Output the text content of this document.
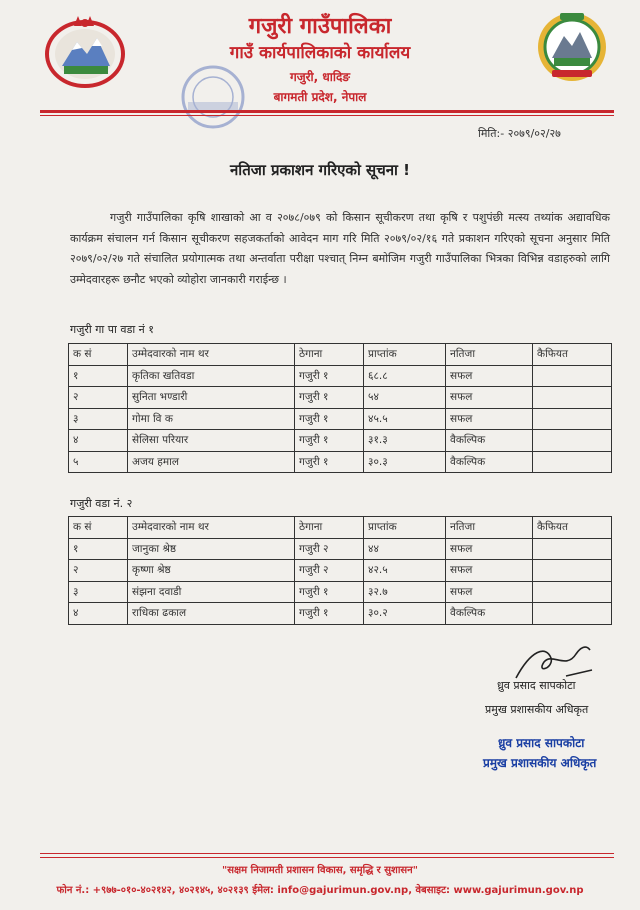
गजुरी गाउँपालिका
गाउँ कार्यपालिकाको कार्यालय
गजुरी, धादिङ
बागमती प्रदेश, नेपाल
मिति:- २०७९/०२/२७
नतिजा प्रकाशन गरिएको सूचना !
गजुरी गाउँपालिका कृषि शाखाको आ व २०७८/०७९ को किसान सूचीकरण तथा कृषि र पशुपंछी मत्स्य तथ्यांक अद्यावधिक कार्यक्रम संचालन गर्न किसान सूचीकरण सहजकर्ताको आवेदन माग गरि मिति २०७९/०२/१६ गते प्रकाशन गरिएको सूचना अनुसार मिति २०७९/०२/२७ गते संचालित प्रयोगात्मक तथा अन्तर्वाता परीक्षा पश्चात् निम्न बमोजिम गजुरी गाउँपालिका भित्रका विभिन्न वडाहरुको लागि उम्मेदवारहरू छनौट भएको व्योहोरा जानकारी गराईन्छ ।
गजुरी गा पा वडा नं १
क सं	उम्मेदवारको नाम थर	ठेगाना	प्राप्तांक	नतिजा	कैफियत
१	कृतिका खतिवडा	गजुरी १	६८.८	सफल	
२	सुनिता भण्डारी	गजुरी १	५४	सफल	
३	गोमा वि क	गजुरी १	४५.५	सफल	
४	सेलिसा परियार	गजुरी १	३१.३	वैकल्पिक	
५	अजय हमाल	गजुरी १	३०.३	वैकल्पिक	
गजुरी वडा नं. २
क सं	उम्मेदवारको नाम थर	ठेगाना	प्राप्तांक	नतिजा	कैफियत
१	जानुका श्रेष्ठ	गजुरी २	४४	सफल	
२	कृष्णा श्रेष्ठ	गजुरी २	४२.५	सफल	
३	संझना दवाडी	गजुरी १	३२.७	सफल	
४	राधिका ढकाल	गजुरी १	३०.२	वैकल्पिक	
ध्रुव प्रसाद सापकोटा
प्रमुख प्रशासकीय अधिकृत
ध्रुव प्रसाद सापकोटा
प्रमुख प्रशासकीय अधिकृत
"सक्षम निजामती प्रशासन विकास, समृद्धि र सुशासन"
फोन नं.: +९७७-०१०-४०२१४२, ४०२१४५, ४०२१३९ ईमेल: info@gajurimun.gov.np, वेबसाइट: www.gajurimun.gov.np
